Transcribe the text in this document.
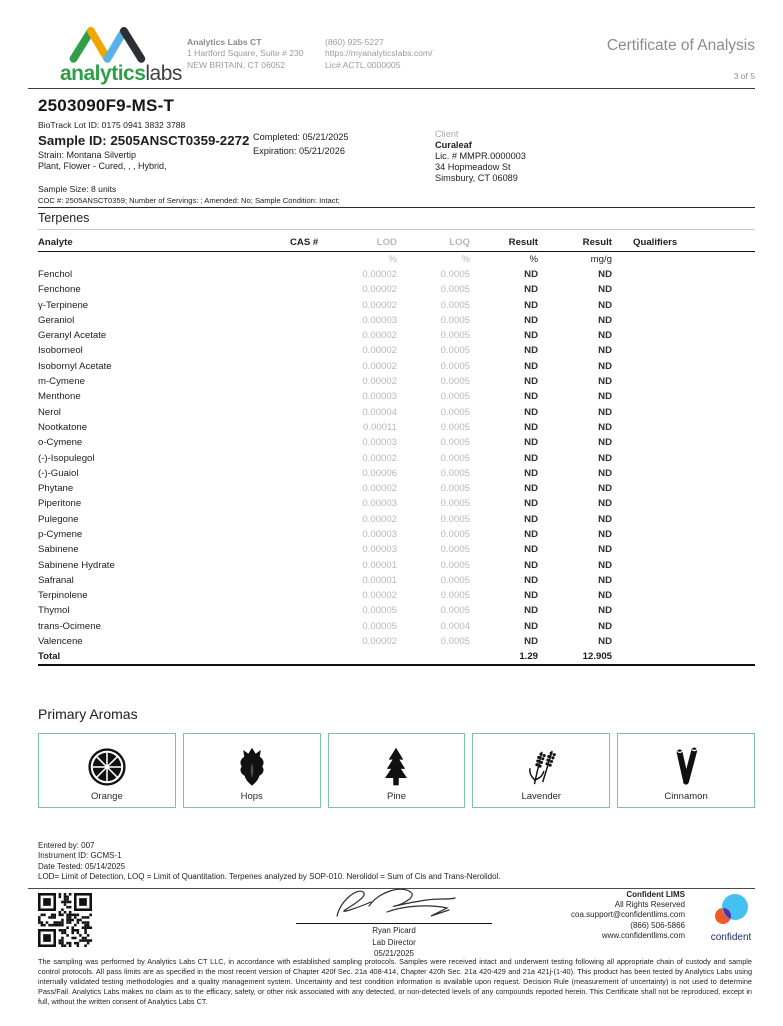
analyticslabs
Analytics Labs CT
1 Hartford Square, Suite # 230
NEW BRITAIN, CT 06052
(860) 925-5227
https://myanalyticslabs.com/
Lic# ACTL.0000005
Certificate of Analysis
3 of 5
2503090F9-MS-T
BioTrack Lot ID: 0175 0941 3832 3788
Sample ID: 2505ANSCT0359-2272
Strain: Montana Silvertip
Plant, Flower - Cured, , , Hybrid,
Sample Size: 8 units
COC #: 2505ANSCT0359; Number of Servings: ; Amended: No; Sample Condition: Intact;
Completed: 05/21/2025
Expiration: 05/21/2026
Client
Curaleaf
Lic. # MMPR.0000003
34 Hopmeadow St
Simsbury, CT 06089
Terpenes
Analyte	CAS #	LOD	LOQ	Result	Result	Qualifiers
		%	%	%	mg/g	
Fenchol		0.00002	0.0005	ND	ND	
Fenchone		0.00002	0.0005	ND	ND	
γ-Terpinene		0.00002	0.0005	ND	ND	
Geraniol		0.00003	0.0005	ND	ND	
Geranyl Acetate		0.00002	0.0005	ND	ND	
Isoborneol		0.00002	0.0005	ND	ND	
Isobornyl Acetate		0.00002	0.0005	ND	ND	
m-Cymene		0.00002	0.0005	ND	ND	
Menthone		0.00003	0.0005	ND	ND	
Nerol		0.00004	0.0005	ND	ND	
Nootkatone		0.00011	0.0005	ND	ND	
o-Cymene		0.00003	0.0005	ND	ND	
(-)-Isopulegol		0.00002	0.0005	ND	ND	
(-)-Guaiol		0.00006	0.0005	ND	ND	
Phytane		0.00002	0.0005	ND	ND	
Piperitone		0.00003	0.0005	ND	ND	
Pulegone		0.00002	0.0005	ND	ND	
p-Cymene		0.00003	0.0005	ND	ND	
Sabinene		0.00003	0.0005	ND	ND	
Sabinene Hydrate		0.00001	0.0005	ND	ND	
Safranal		0.00001	0.0005	ND	ND	
Terpinolene		0.00002	0.0005	ND	ND	
Thymol		0.00005	0.0005	ND	ND	
trans-Ocimene		0.00005	0.0004	ND	ND	
Valencene		0.00002	0.0005	ND	ND	
Total				1.29	12.905	
Primary Aromas
Orange	Hops	Pine	Lavender	Cinnamon
Entered by: 007
Instrument ID: GCMS-1
Date Tested: 05/14/2025
LOD= Limit of Detection, LOQ = Limit of Quantitation. Terpenes analyzed by SOP-010. Nerolidol = Sum of Cis and Trans-Nerolidol.
Ryan Picard
Lab Director
05/21/2025
Confident LIMS
All Rights Reserved
coa.support@confidentlims.com
(866) 506-5866
www.confidentlims.com	confident
The sampling was performed by Analytics Labs CT LLC, in accordance with established sampling protocols. Samples were received intact and underwent testing following all appropriate chain of custody and sample control protocols. All pass limits are as specified in the most recent version of Chapter 420f Sec. 21a 408-414, Chapter 420h Sec. 21a 420-429 and 21a 421j-(1-40). This product has been tested by Analytics Labs using internally validated testing methodologies and a quality management system. Uncertainty and test condition information is available upon request. Decision Rule (measurement of uncertainty) is not used to determine Pass/Fail. Analytics Labs makes no claim as to the efficacy, safety, or other risk associated with any detected, or non-detected levels of any compounds reported herein. This Certificate shall not be reproduced, except in full, without the written consent of Analytics Labs CT.
